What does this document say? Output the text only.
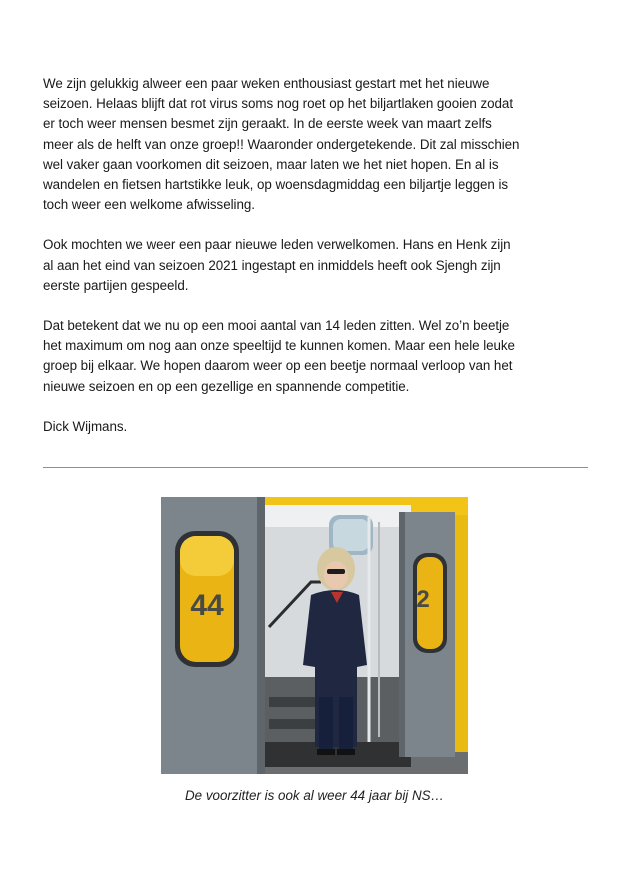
We zijn gelukkig alweer een paar weken enthousiast gestart met het nieuwe
seizoen. Helaas blijft dat rot virus soms nog roet op het biljartlaken gooien zodat
er toch weer mensen besmet zijn geraakt. In de eerste week van maart zelfs
meer als de helft van onze groep!! Waaronder ondergetekende. Dit zal misschien
wel vaker gaan voorkomen dit seizoen, maar laten we het niet hopen. En al is
wandelen en fietsen hartstikke leuk, op woensdagmiddag een biljartje leggen is
toch weer een welkome afwisseling.

Ook mochten we weer een paar nieuwe leden verwelkomen. Hans en Henk zijn
al aan het eind van seizoen 2021 ingestapt en inmiddels heeft ook Sjengh zijn
eerste partijen gespeeld.

Dat betekent dat we nu op een mooi aantal van 14 leden zitten. Wel zo’n beetje
het maximum om nog aan onze speeltijd te kunnen komen. Maar een hele leuke
groep bij elkaar. We hopen daarom weer op een beetje normaal verloop van het
nieuwe seizoen en op een gezellige en spannende competitie.

Dick Wijmans.

44	2
De voorzitter is ook al weer 44 jaar bij NS…
